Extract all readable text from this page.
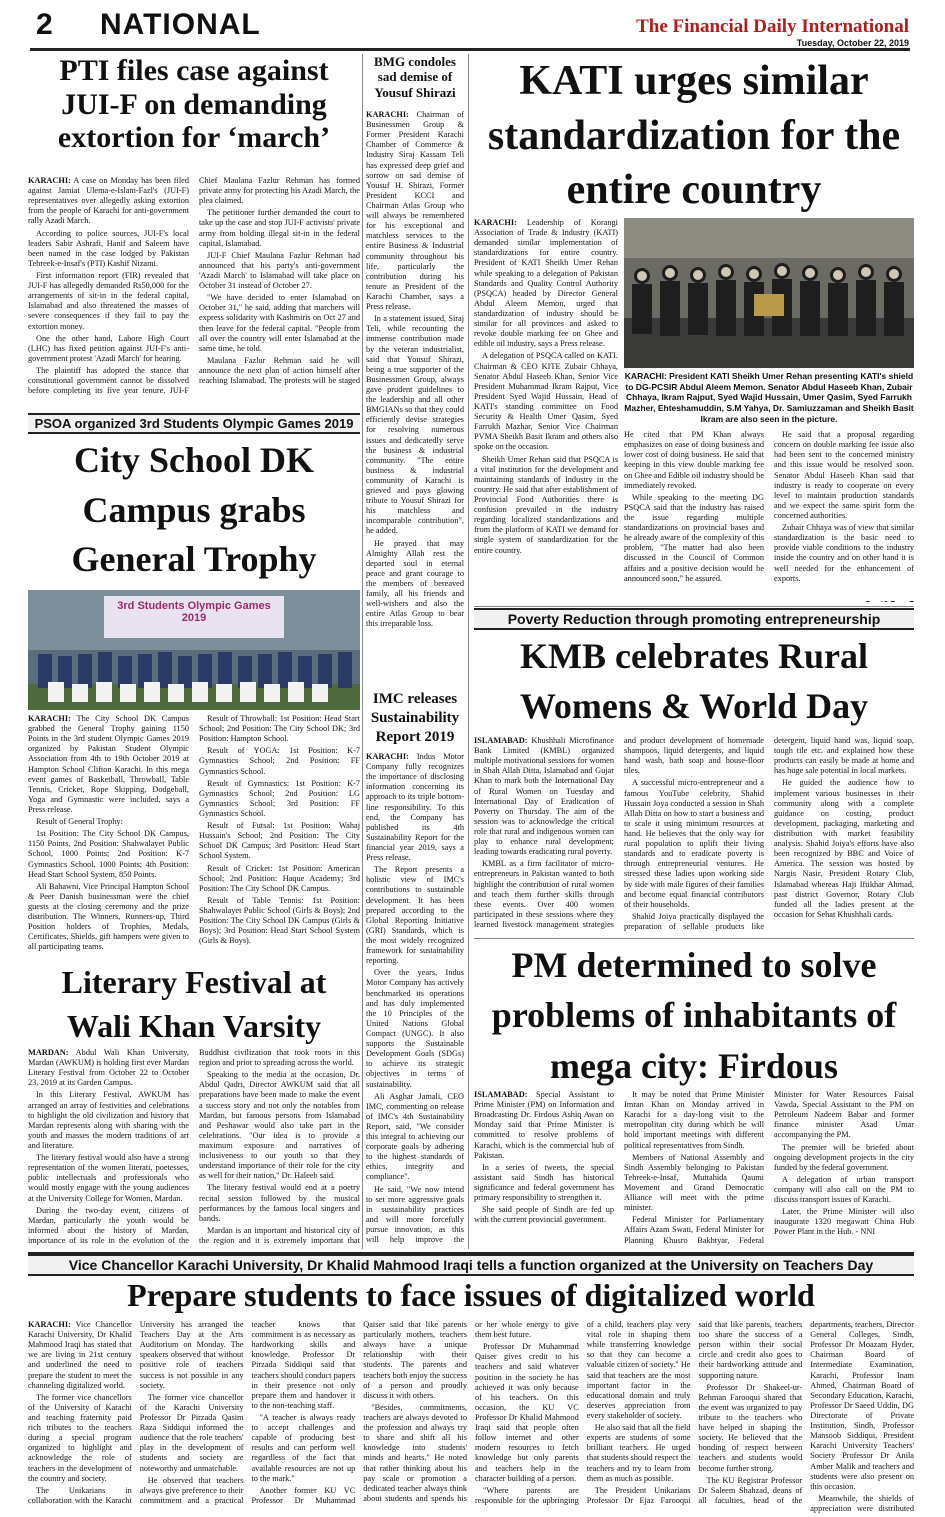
2 NATIONAL	The Financial Daily International
Tuesday, October 22, 2019
PTI files case against JUI-F on demanding extortion for ‘march’

KARACHI: A case on Monday has been filed against Jamiat Ulema-e-Islam-Fazl's (JUI-F) representatives over allegedly asking extortion from the people of Karachi for anti-government rally Azadi March.

According to police sources, JUI-F's local leaders Sabir Ashrafi, Hanif and Saleem have been named in the case lodged by Pakistan Tehreek-e-Insaf's (PTI) Kashif Nizami.

First information report (FIR) revealed that JUI-F has allegedly demanded Rs50,000 for the arrangements of sit-in in the federal capital, Islamabad and also threatened the masses of severe consequences if they fail to pay the extortion money.

One the other hand, Lahore High Court (LHC) has fixed petition against JUI-F's anti-government protest 'Azadi March' for hearing.

The plaintiff has adopted the stance that constitutional government cannot be dissolved before completing its five year tenure. JUI-F Chief Maulana Fazlur Rehman has formed private army for protecting his Azadi March, the plea claimed.

The petitioner further demanded the court to take up the case and stop JUI-F activists' private army from holding illegal sit-in in the federal capital, Islamabad.

JUI-F Chief Maulana Fazlur Rehman had announced that his party's anti-government 'Azadi March' to Islamabad will take place on October 31 instead of October 27.

"We have decided to enter Islamabad on October 31," he said, adding that marchers will express solidarity with Kashmiris on Oct 27 and then leave for the federal capital. "People from all over the country will enter Islamabad at the same time, he told.

Maulana Fazlur Rehman said he will announce the next plan of action himself after reaching Islamabad. The protests will be staged

BMG condoles sad demise of Yousuf Shirazi

KARACHI: Chairman of Businessmen Group & Former President Karachi Chamber of Commerce & Industry Siraj Kassam Teli has expressed deep grief and sorrow on sad demise of Yousuf H. Shirazi, Former President KCCI and Chairman Atlas Group who will always be remembered for his exceptional and matchless services to the entire Business & Industrial community throughout his life, particularly the contribution during his tenure as President of the Karachi Chamber, says a Press release.

In a statement issued, Siraj Teli, while recounting the immense contribution made by the veteran industrialist, said that Yousuf Shirazi, being a true supporter of the Businessmen Group, always gave prudent guidelines to the leadership and all other BMGIANs so that they could efficiently devise strategies for resolving numerous issues and dedicatedly serve the business & industrial community. "The entire business & industrial community of Karachi is grieved and pays glowing tribute to Yousuf Shirazi for his matchless and incomparable contribution", he added.

He prayed that may Almighty Allah rest the departed soul in eternal peace and grant courage to the members of bereaved family, all his friends and well-wishers and also the entire Atlas Group to bear this irreparable loss.

KATI urges similar standardization for the entire country

KARACHI: Leadership of Korangi Association of Trade & Industry (KATI) demanded similar implementation of standardizations for entire country. President of KATI Sheikh Umer Rehan while speaking to a delegation of Pakistan Standards and Quality Control Authority (PSQCA) headed by Director General Abdul Aleem Memon, urged that standardization of industry should be similar for all provinces and asked to revoke double marking fee on Ghee and edible oil industry, says a Press release.

A delegation of PSQCA called on KATI. Chairman & CEO KITE Zubair Chhaya, Senator Abdul Haseeb Khan, Senior Vice President Muhammad Ikram Rajput, Vice President Syed Wajid Hussain, Head of KATI's standing committee on Food Security & Health Umer Qasim, Syed Farrukh Mazhar, Senior Vice Chairman PVMA Sheikh Basit Ikram and others also spoke on the occasion.

Sheikh Umer Rehan said that PSQCA is a vital institution for the development and maintaining standards of Industry in the country. He said that after establishment of Provincial Food Authorities there is confusion prevailed in the industry regarding localized standardizations and from the platform of KATI we demand for single system of standardization for the entire country.

KARACHI: President KATI Sheikh Umer Rehan presenting KATI's shield to DG-PCSIR Abdul Aleem Memon. Senator Abdul Haseeb Khan, Zubair Chhaya, Ikram Rajput, Syed Wajid Hussain, Umer Qasim, Syed Farrukh Mazher, Ehteshamuddin, S.M Yahya, Dr. Samiuzzaman and Sheikh Basit Ikram are also seen in the picture.

He cited that PM Khan always emphasizes on ease of doing business and lower cost of doing business. He said that keeping in this view double marking fee on Ghee and Edible oil industry should be immediately revoked.

While speaking to the meeting DG PSQCA said that the industry has raised the issue regarding multiple standardizations on provincial bases and he already aware of the complexity of this problem, "The matter had also been discussed in the Council of Common affairs and a positive decision would be announced soon," he assured.

He said that a proposal regarding concern on double marking fee issue also had been sent to the concerned ministry and this issue would be resolved soon. Senator Abdul Haseeb Khan said that industry is ready to cooperate on every level to maintain production standards and we expect the same spirit form the concerned authorities.

Zubair Chhaya was of view that similar standardization is the basic need to provide viable conditions to the industry inside the country and on other hand it is well needed for the enhancement of exports.

PSOA organized 3rd Students Olympic Games 2019
City School DK Campus grabs General Trophy
3rd Students Olympic Games 2019

KARACHI: The City School DK Campus grabbed the General Trophy gaining 1150 Points in the 3rd student Olympic Games 2019 organized by Pakistan Student Olympic Association from 4th to 19th October 2019 at Hampton School Clifton Karachi. In this mega event games of Basketball, Throwball, Table Tennis, Cricket, Rope Skipping, Dodgeball, Yoga and Gymnastic were included, says a Press release.

Result of General Trophy:

1st Position: The City School DK Campus, 1150 Points, 2nd Position: Shahwalayet Public School, 1000 Points; 2nd Position: K-7 Gymnastics School, 1000 Points; 4th Position: Head Start School System, 850 Points.

Ali Bahawni, Vice Principal Hampton School & Peer Danish businessman were the chief guests at the closing ceremony and the prize distribution. The Winners, Runners-up, Third Position holders of Trophies, Medals, Certificates, Shields, gift hampers were given to all participating teams.

Result of Throwball: 1st Position: Head Start School; 2nd Position: The City School DK; 3rd Position: Hampton School.

Result of YOGA: 1st Position: K-7 Gymnastics School; 2nd Position: FF Gymnastics School.

Result of Gymnastics: 1st Position: K-7 Gymnastics School; 2nd Position: LG Gymnastics School; 3rd Position: FF Gymnastics School.

Result of Futsal: 1st Position: Wahaj Hussain's School; 2nd Position: The City School DK Campus; 3rd Position: Head Start School System.

Result of Cricket: 1st Position: American School; 2nd Position: Haque Academy; 3rd Position: The City School DK Campus.

Result of Table Tennis: 1st Position: Shahwalayet Public School (Girls & Boys); 2nd Position: The City School DK Campus (Girls & Boys); 3rd Position: Head Start School System (Girls & Boys).

IMC releases Sustainability Report 2019

KARACHI: Indus Motor Company fully recognizes the importance of disclosing information concerning its approach to its triple bottom-line responsibility. To this end, the Company has published its 4th Sustainability Report for the financial year 2019, says a Press release.

The Report presents a holistic view of IMC's contributions to sustainable development. It has been prepared according to the Global Reporting Initiative (GRI) Standards, which is the most widely recognized framework for sustainability reporting.

Over the years, Indus Motor Company has actively benchmarked its operations and has duly implemented the 10 Principles of the United Nations Global Compact (UNGC). It also supports the Sustainable Development Goals (SDGs) to achieve its strategic objectives in terms of sustainability.

Ali Asghar Jamali, CEO IMC, commenting on release of IMC's 4th Sustainability Report, said, "We consider this integral to achieving our corporate goals by adhering to the highest standards of ethics, integrity and compliance".

He said, "We now intend to set more aggressive goals in sustainability practices and will more forcefully pursue innovation, as this will help improve the

Literary Festival at Wali Khan Varsity

MARDAN: Abdul Wali Khan University, Mardan (AWKUM) is holding first ever Mardan Literary Festival from October 22 to October 23, 2019 at its Garden Campus.

In this Literary Festival, AWKUM has arranged an array of festivities and celebrations to highlight the old civilization and history that Mardan represents along with sharing with the youth and masses the modern traditions of art and literature.

The literary festival would also have a strong representation of the women literati, poetesses, public intellectuals and professionals who would mostly engage with the young audiences at the University College for Women, Mardan.

During the two-day event, citizens of Mardan, particularly the youth would be informed about the history of Mardan, importance of its role in the evolution of the Buddhist civilization that took roots in this region and prior to spreading across the world.

Speaking to the media at the occasion, Dr. Abdul Qadri, Director AWKUM said that all preparations have been made to make the event a success story and not only the notables from Mardan, but famous persons from Islamabad and Peshawar would also take part in the celebrations. "Our idea is to provide a maximum exposure and narratives of inclusiveness to our youth so that they understand importance of their role for the city as well for their nation," Dr. Haleeb said.

The literary festival would end at a poetry recital session followed by the musical performances by the famous local singers and bands.

Mardan is an important and historical city of the region and it is extremely important that

Poverty Reduction through promoting entrepreneurship
KMB celebrates Rural Womens & World Day

ISLAMABAD: Khushhali Microfinance Bank Limited (KMBL) organized multiple motivational sessions for women in Shah Allah Ditta, Islamabad and Gujar Khan to mark both the International Day of Rural Women on Tuesday and International Day of Eradication of Poverty on Thursday. The aim of the session was to acknowledge the critical role that rural and indigenous women can play to enhance rural development; leading towards eradicating rural poverty.

KMBL as a firm facilitator of micro-entrepreneurs in Pakistan wanted to both highlight the contribution of rural women and teach them further skills through these events. Over 400 women participated in these sessions where they learned livestock management strategies and product development of homemade shampoos, liquid detergents, and liquid hand wash, bath soap and house-floor tiles.

A successful micro-entrepreneur and a famous YouTube celebrity, Shahid Hussain Joya conducted a session in Shah Allah Ditta on how to start a business and to scale it using minimum resources at hand. He believes that the only way for rural population to uplift their living standards and to eradicate poverty is through entrepreneurial ventures. He stressed these ladies upon working side by side with male figures of their families and become equal financial contributors of their households.

Shahid Joiya practically displayed the preparation of sellable products like detergent, liquid hand was, liquid soap, tough tile etc. and explained how these products can easily be made at home and has huge sale potential in local markets.

He guided the audience how to implement various businesses in their community along with a complete guidance on costing, product development, packaging, marketing and distribution with market feasibility analysis. Shahid Joiya's efforts have also been recognized by BBC and Voice of America. The session was hosted by Nargis Nasir, President Rotary Club, Islamabad whereas Haji Iftikhar Ahmad, past district Governor, Rotary Club funded all the ladies present at the occasion for Sehat Khushhali cards.

PM determined to solve problems of inhabitants of mega city: Firdous

ISLAMABAD: Special Assistant to Prime Minister (PM) on Information and Broadcasting Dr. Firdous Ashiq Awan on Monday said that Prime Minister is committed to resolve problems of Karachi, which is the commercial hub of Pakistan.

In a series of tweets, the special assistant said Sindh has historical significance and federal government has primary responsibility to strengthen it.

She said people of Sindh are fed up with the current provincial government.

It may be noted that Prime Minister Imran Khan on Monday arrived in Karachi for a day-long visit to the metropolitan city during which he will hold important meetings with different political representatives from Sindh.

Members of National Assembly and Sindh Assembly belonging to Pakistan Tehreek-e-Insaf, Muttahida Qaumi Movement and Grand Democratic Alliance will meet with the prime minister.

Federal Minister for Parliamentary Affairs Azam Swati, Federal Minister for Planning Khusro Bakhtyar, Federal Minister for Water Resources Faisal Vawda, Special Assistant to the PM on Petroleum Nadeem Babar and former finance minister Asad Umar accompanying the PM.

The premier will be briefed about ongoing development projects in the city funded by the federal government.

A delegation of urban transport company will also call on the PM to discuss transport issues of Karachi.

Later, the Prime Minister will also inaugurate 1320 megawatt China Hub Power Plant in the Hub. - NNI

Vice Chancellor Karachi University, Dr Khalid Mahmood Iraqi tells a function organized at the University on Teachers Day
Prepare students to face issues of digitalized world

KARACHI: Vice Chancellor Karachi University, Dr Khalid Mahmood Iraqi has stated that we are living in 21st century and underlined the need to prepare the student to meet the channeling digitalized world.

The former vice chancellors of the University of Karachi and teaching fraternity paid rich tributes to the teachers during a special program organized to highlight and acknowledge the role of teachers in the development of the country and society.

The Unikarians in collaboration with the Karachi University has arranged the Teachers Day at the Arts Auditorium on Monday. The speakers observed that without positive role of teachers success is not possible in any society.

The former vice chancellor of the Karachi University Professor Dr Pirzada Qasim Raza Siddiqui informed the audience that the role teachers' play in the development of students and society are noteworthy and unmatchable.

He observed that teachers always give preference to their commitment and a practical teacher knows that commitment is as necessary as hardworking skills and knowledge. Professor Dr Pirzada Siddiqui said that teachers should conduct papers in their presence not only prepare them and handover it to the non-teaching staff.

"A teacher is always ready to accept challenges and capable of producing best results and can perform well regardless of the fact that available resources are not up to the mark."

Another former KU VC Professor Dr Muhammad Qaiser said that like parents particularly mothers, teachers always have a unique relationship with their students. The parents and teachers both enjoy the success of a person and proudly discuss it with others.

"Besides, commitments, teachers are always devoted to the profession and always try to share and shift all his knowledge into students' minds and hearts." He noted that rather thinking about his pay scale or promotion a dedicated teacher always think about students and spends his or her whole energy to give them best future.

Professor Dr Muhammad Qaiser gives credit to his teachers and said whatever position in the society he has achieved it was only because of his teachers. On this occasion, the KU VC Professor Dr Khalid Mahmood Iraqi said that people often follow internet and other modern resources to fetch knowledge but only parents and teachers help in the character building of a person.

"Where parents are responsible for the upbringing of a child, teachers play very vital role in shaping them while transferring knowledge so that they can become a valuable citizen of society." He said that teachers are the most important factor in the educational domain and truly deserves appreciation from every stakeholder of society.

He also said that all the field experts are students of some brilliant teachers. He urged that students should respect the teachers and try to learn from them as much as possible.

The President Unikarians Professor Dr Ejaz Farooqui said that like parents, teachers too share the success of a person within their social circle and credit also goes to their hardworking attitude and supporting nature.

Professor Dr Shakeel-ur-Rehman Farooqui shared that the event was organized to pay tribute to the teachers who have helped in shaping the society. He believed that the bonding of respect between teachers and students would become further strong.

The KU Registrar Professor Dr Saleem Shahzad, deans of all faculties, head of the departments, teachers, Director General Colleges, Sindh, Professor Dr Moazam Hyder, Chairman Board of Intermediate Examination, Karachi, Professor Inam Ahmed, Chairman Board of Secondary Education, Karachi, Professor Dr Saeed Uddin, DG Directorate of Private Institution, Sindh, Professor Mansoob Siddiqui, President Karachi University Teachers' Society Professor Dr Anila Amber Malik and teachers and students were also present on this occasion.

Meanwhile, the shields of appreciation were distributed
